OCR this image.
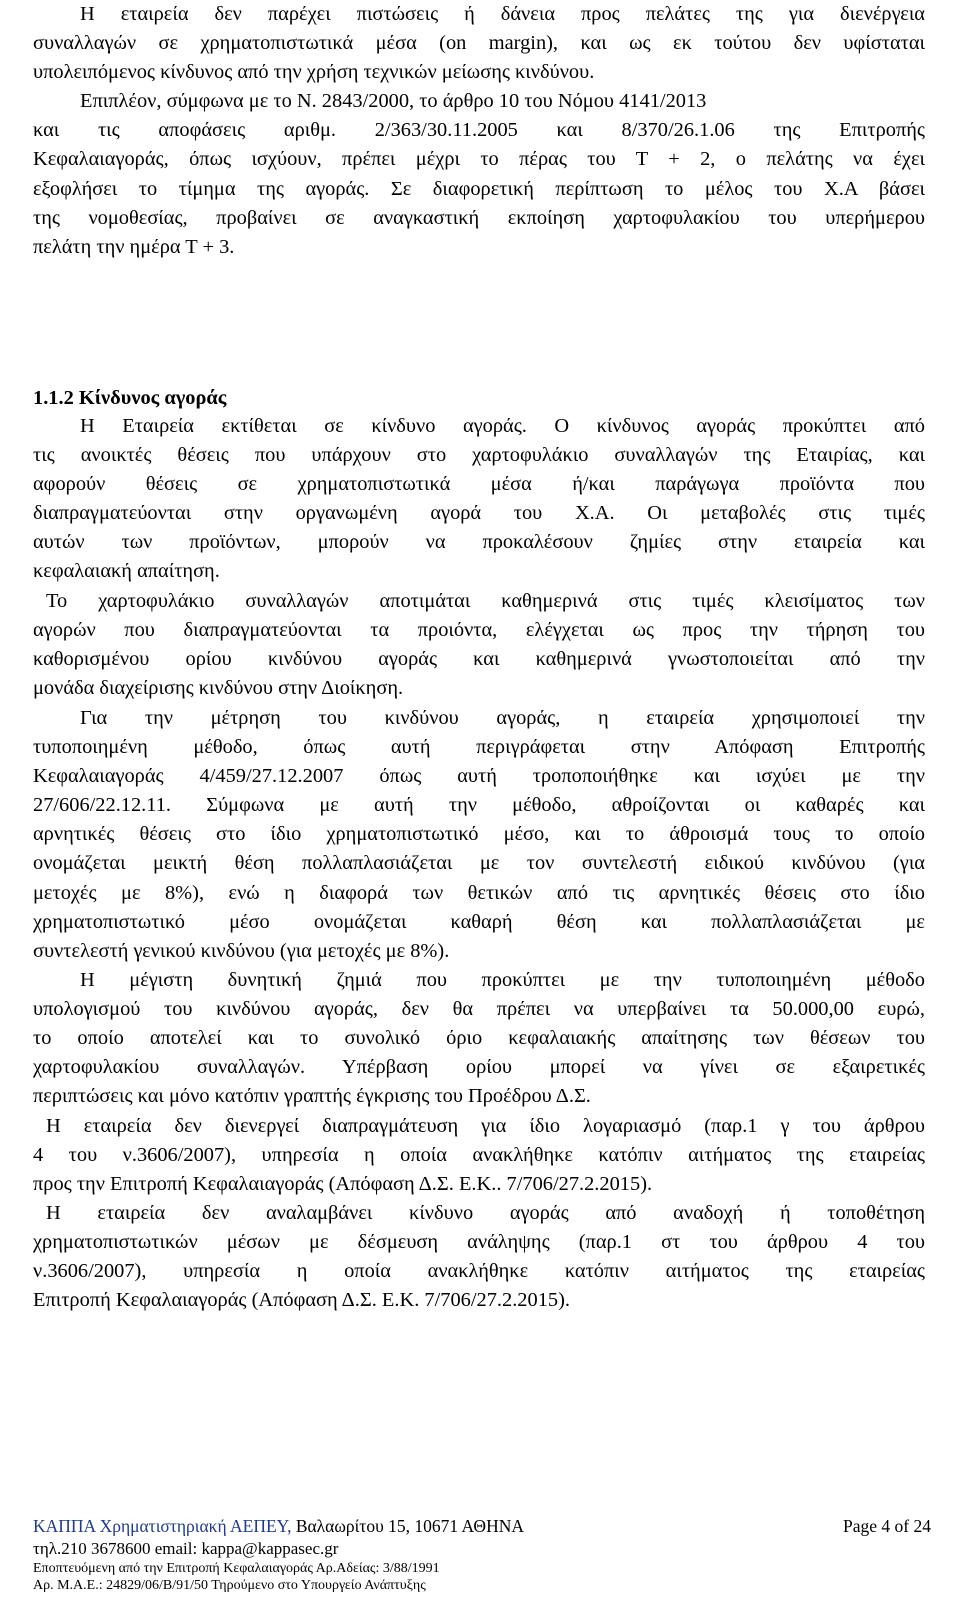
Η εταιρεία δεν παρέχει πιστώσεις ή δάνεια προς πελάτες της για διενέργεια
συναλλαγών σε χρηματοπιστωτικά μέσα (on margin), και ως εκ τούτου δεν υφίσταται
υπολειπόμενος κίνδυνος από την χρήση τεχνικών μείωσης κινδύνου.
Επιπλέον, σύμφωνα με το Ν. 2843/2000, το άρθρο 10 του Νόμου 4141/2013
και τις αποφάσεις αριθμ. 2/363/30.11.2005 και 8/370/26.1.06 της Επιτροπής
Κεφαλαιαγοράς, όπως ισχύουν, πρέπει μέχρι το πέρας του Τ + 2, ο πελάτης να έχει
εξοφλήσει το τίμημα της αγοράς. Σε διαφορετική περίπτωση το μέλος του Χ.Α βάσει
της νομοθεσίας, προβαίνει σε αναγκαστική εκποίηση χαρτοφυλακίου του υπερήμερου
πελάτη την ημέρα Τ + 3.
1.1.2 Κίνδυνος αγοράς
Η Εταιρεία εκτίθεται σε κίνδυνο αγοράς. Ο κίνδυνος αγοράς προκύπτει από
τις ανοικτές θέσεις που υπάρχουν στο χαρτοφυλάκιο συναλλαγών της Εταιρίας, και
αφορούν θέσεις σε χρηματοπιστωτικά μέσα ή/και παράγωγα προϊόντα που
διαπραγματεύονται στην οργανωμένη αγορά του Χ.Α. Οι μεταβολές στις τιμές
αυτών των προϊόντων, μπορούν να προκαλέσουν ζημίες στην εταιρεία και
κεφαλαιακή απαίτηση.
Το χαρτοφυλάκιο συναλλαγών αποτιμάται καθημερινά στις τιμές κλεισίματος των
αγορών που διαπραγματεύονται τα προιόντα, ελέγχεται ως προς την τήρηση του
καθορισμένου ορίου κινδύνου αγοράς και καθημερινά γνωστοποιείται από την
μονάδα διαχείρισης κινδύνου στην Διοίκηση.
Για την μέτρηση του κινδύνου αγοράς, η εταιρεία χρησιμοποιεί την
τυποποιημένη μέθοδο, όπως αυτή περιγράφεται στην Απόφαση Επιτροπής
Κεφαλαιαγοράς 4/459/27.12.2007 όπως αυτή τροποποιήθηκε και ισχύει με την
27/606/22.12.11. Σύμφωνα με αυτή την μέθοδο, αθροίζονται οι καθαρές και
αρνητικές θέσεις στο ίδιο χρηματοπιστωτικό μέσο, και το άθροισμά τους το οποίο
ονομάζεται μεικτή θέση πολλαπλασιάζεται με τον συντελεστή ειδικού κινδύνου (για
μετοχές με 8%), ενώ η διαφορά των θετικών από τις αρνητικές θέσεις στο ίδιο
χρηματοπιστωτικό μέσο ονομάζεται καθαρή θέση και πολλαπλασιάζεται με
συντελεστή γενικού κινδύνου (για μετοχές με 8%).
Η μέγιστη δυνητική ζημιά που προκύπτει με την τυποποιημένη μέθοδο
υπολογισμού του κινδύνου αγοράς, δεν θα πρέπει να υπερβαίνει τα 50.000,00 ευρώ,
το οποίο αποτελεί και το συνολικό όριο κεφαλαιακής απαίτησης των θέσεων του
χαρτοφυλακίου συναλλαγών. Υπέρβαση ορίου μπορεί να γίνει σε εξαιρετικές
περιπτώσεις και μόνο κατόπιν γραπτής έγκρισης του Προέδρου Δ.Σ.
Η εταιρεία δεν διενεργεί διαπραγμάτευση για ίδιο λογαριασμό (παρ.1 γ του άρθρου
4 του ν.3606/2007), υπηρεσία η οποία ανακλήθηκε κατόπιν αιτήματος της εταιρείας
προς την Επιτροπή Κεφαλαιαγοράς (Απόφαση Δ.Σ. Ε.Κ.. 7/706/27.2.2015).
Η εταιρεία δεν αναλαμβάνει κίνδυνο αγοράς από αναδοχή ή τοποθέτηση
χρηματοπιστωτικών μέσων με δέσμευση ανάληψης (παρ.1 στ του άρθρου 4 του
ν.3606/2007), υπηρεσία η οποία ανακλήθηκε κατόπιν αιτήματος της εταιρείας
Επιτροπή Κεφαλαιαγοράς (Απόφαση Δ.Σ. Ε.Κ. 7/706/27.2.2015).
ΚΑΠΠΑ Χρηματιστηριακή ΑΕΠΕΥ, Βαλαωρίτου 15, 10671 ΑΘΗΝΑ	Page 4 of 24
τηλ.210 3678600 email: kappa@kappasec.gr
Εποπτευόμενη από την Επιτροπή Κεφαλαιαγοράς Αρ.Αδείας: 3/88/1991
Αρ. Μ.Α.Ε.: 24829/06/Β/91/50 Τηρούμενο στο Υπουργείο Ανάπτυξης
